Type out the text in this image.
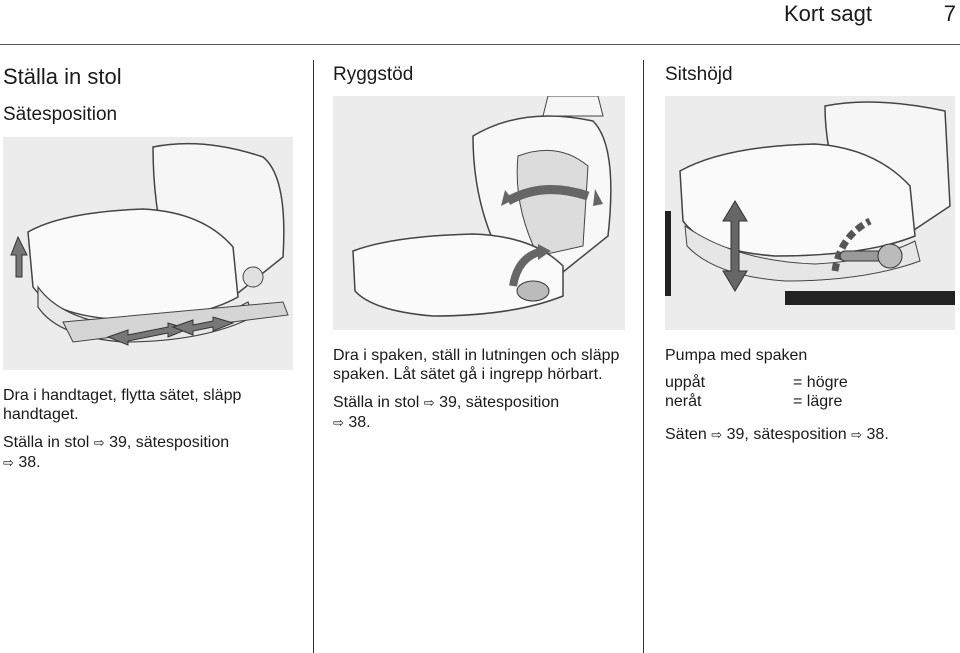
Kort sagt	7
Ställa in stol
Sätesposition

Dra i handtaget, flytta sätet, släpp handtaget.

Ställa in stol ⇨ 39, sätesposition
⇨ 38.

Ryggstöd

Dra i spaken, ställ in lutningen och släpp spaken. Låt sätet gå i ingrepp hörbart.

Ställa in stol ⇨ 39, sätesposition
⇨ 38.

Sitshöjd

Pumpa med spaken

uppåt	= högre
neråt	= lägre

Säten ⇨ 39, sätesposition ⇨ 38.
